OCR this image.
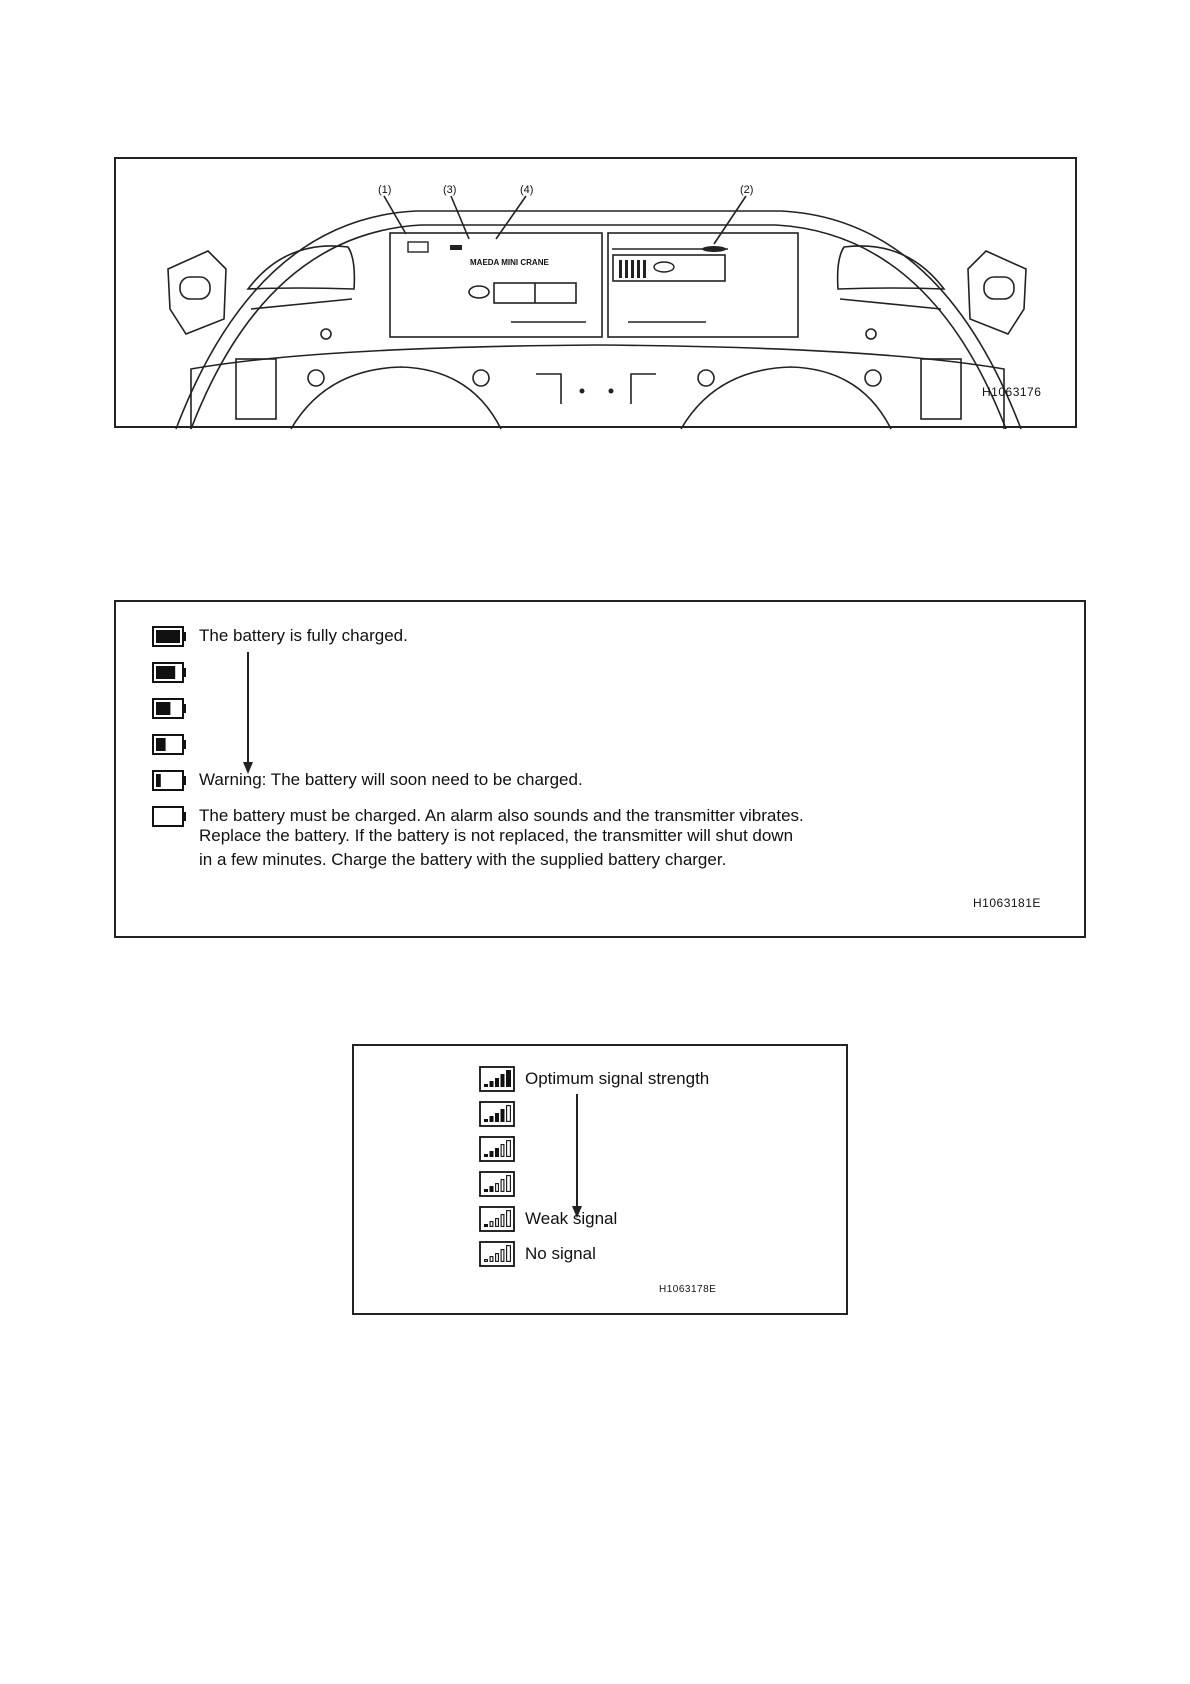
(1)	(3)	(4)	(2)
MAEDA MINI CRANE
H1063176
The battery is fully charged.
Warning: The battery will soon need to be charged.
The battery must be charged. An alarm also sounds and the transmitter vibrates.
Replace the battery. If the battery is not replaced, the transmitter will shut down
in a few minutes. Charge the battery with the supplied battery charger.
H1063181E
Optimum signal strength
Weak signal
No signal
H1063178E
